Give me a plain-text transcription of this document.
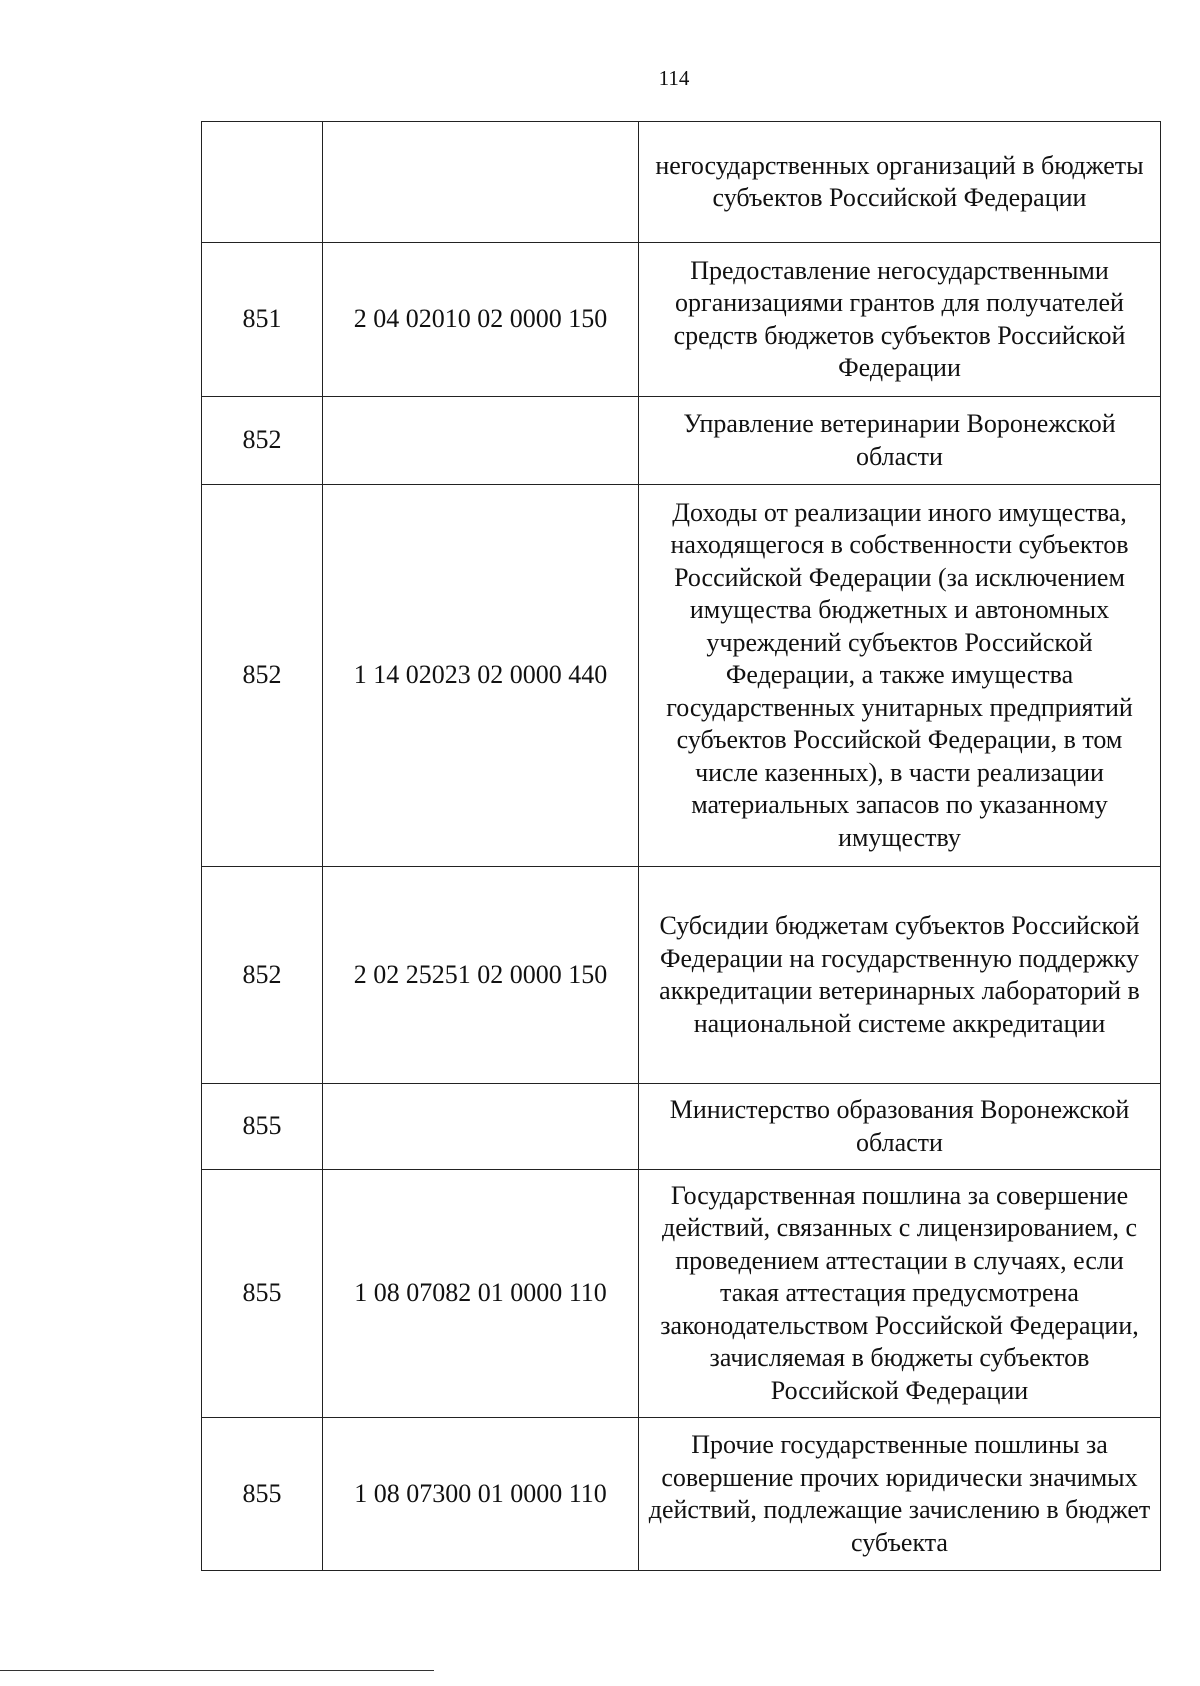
114
		негосударственных организаций в бюджеты субъектов Российской Федерации
851	2 04 02010 02 0000 150	Предоставление негосударственными организациями грантов для получателей средств бюджетов субъектов Российской Федерации
852		Управление ветеринарии Воронежской области
852	1 14 02023 02 0000 440	Доходы от реализации иного имущества, находящегося в собственности субъектов Российской Федерации (за исключением имущества бюджетных и автономных учреждений субъектов Российской Федерации, а также имущества государственных унитарных предприятий субъектов Российской Федерации, в том числе казенных), в части реализации материальных запасов по указанному имуществу
852	2 02 25251 02 0000 150	Субсидии бюджетам субъектов Российской Федерации на государственную поддержку аккредитации ветеринарных лабораторий в национальной системе аккредитации
855		Министерство образования Воронежской области
855	1 08 07082 01 0000 110	Государственная пошлина за совершение действий, связанных с лицензированием, с проведением аттестации в случаях, если такая аттестация предусмотрена законодательством Российской Федерации, зачисляемая в бюджеты субъектов Российской Федерации
855	1 08 07300 01 0000 110	Прочие государственные пошлины за совершение прочих юридически значимых действий, подлежащие зачислению в бюджет субъекта
